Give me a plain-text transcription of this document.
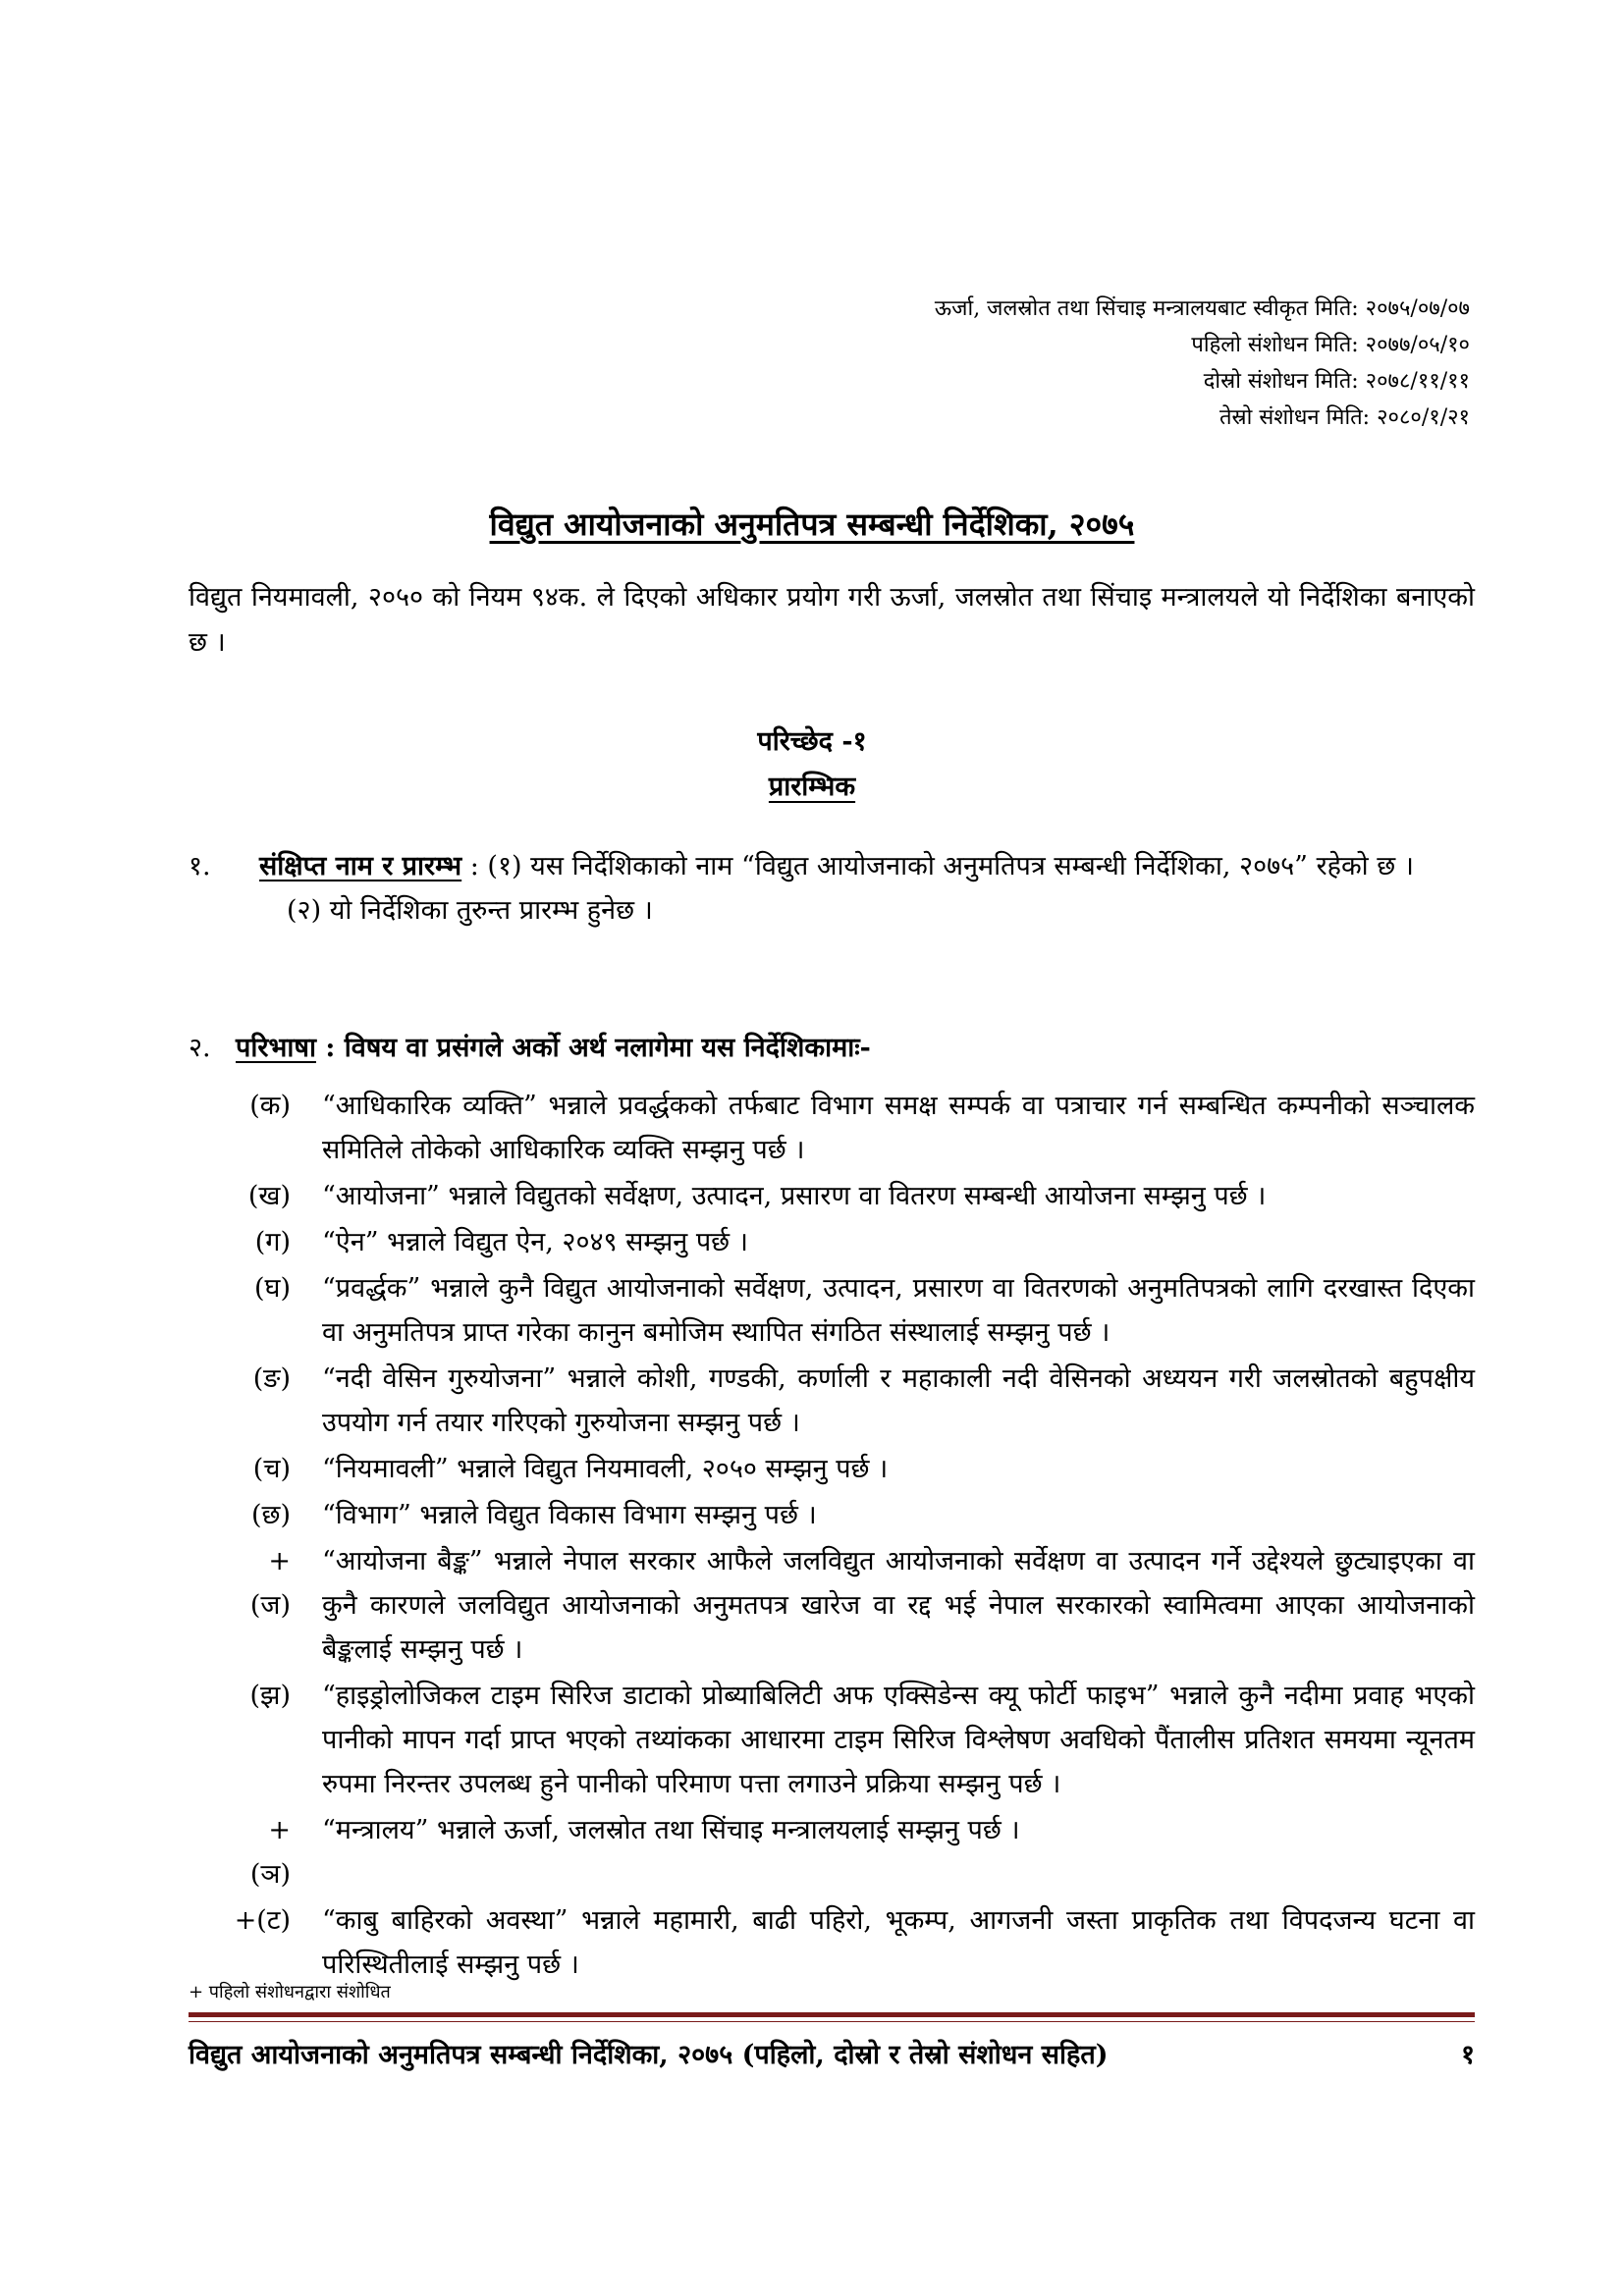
ऊर्जा, जलस्रोत तथा सिंचाइ मन्त्रालयबाट स्वीकृत मिति: २०७५/०७/०७
पहिलो संशोधन मिति: २०७७/०५/१०
दोस्रो संशोधन मिति: २०७८/११/११
तेस्रो संशोधन मिति: २०८०/१/२१
विद्युत आयोजनाको अनुमतिपत्र सम्बन्धी निर्देशिका, २०७५
विद्युत नियमावली, २०५० को नियम ९४क. ले दिएको अधिकार प्रयोग गरी ऊर्जा, जलस्रोत तथा सिंचाइ मन्त्रालयले यो निर्देशिका बनाएको छ ।
परिच्छेद -१
प्रारम्भिक
१.	संक्षिप्त नाम र प्रारम्भ : (१) यस निर्देशिकाको नाम “विद्युत आयोजनाको अनुमतिपत्र सम्बन्धी निर्देशिका, २०७५” रहेको छ ।
(२) यो निर्देशिका तुरुन्त प्रारम्भ हुनेछ ।
२. परिभाषा : विषय वा प्रसंगले अर्को अर्थ नलागेमा यस निर्देशिकामाः-
(क)	“आधिकारिक व्यक्ति” भन्नाले प्रवर्द्धकको तर्फबाट विभाग समक्ष सम्पर्क वा पत्राचार गर्न सम्बन्धित कम्पनीको सञ्चालक समितिले तोकेको आधिकारिक व्यक्ति सम्झनु पर्छ ।
(ख)	“आयोजना” भन्नाले विद्युतको सर्वेक्षण, उत्पादन, प्रसारण वा वितरण सम्बन्धी आयोजना सम्झनु पर्छ ।
(ग)	“ऐन” भन्नाले विद्युत ऐन, २०४९ सम्झनु पर्छ ।
(घ)	“प्रवर्द्धक” भन्नाले कुनै विद्युत आयोजनाको सर्वेक्षण, उत्पादन, प्रसारण वा वितरणको अनुमतिपत्रको लागि दरखास्त दिएका वा अनुमतिपत्र प्राप्त गरेका कानुन बमोजिम स्थापित संगठित संस्थालाई सम्झनु पर्छ ।
(ङ)	“नदी वेसिन गुरुयोजना” भन्नाले कोशी, गण्डकी, कर्णाली र महाकाली नदी वेसिनको अध्ययन गरी जलस्रोतको बहुपक्षीय उपयोग गर्न तयार गरिएको गुरुयोजना सम्झनु पर्छ ।
(च)	“नियमावली” भन्नाले विद्युत नियमावली, २०५० सम्झनु पर्छ ।
(छ)	“विभाग” भन्नाले विद्युत विकास विभाग सम्झनु पर्छ ।
+(ज)
“आयोजना बैङ्क” भन्नाले नेपाल सरकार आफैले जलविद्युत आयोजनाको सर्वेक्षण वा उत्पादन गर्ने उद्देश्यले छुट्याइएका वा कुनै कारणले जलविद्युत आयोजनाको अनुमतपत्र खारेज वा रद्द भई नेपाल सरकारको स्वामित्वमा आएका आयोजनाको बैङ्कलाई सम्झनु पर्छ ।
(झ)	“हाइड्रोलोजिकल टाइम सिरिज डाटाको प्रोब्याबिलिटी अफ एक्सिडेन्स क्यू फोर्टी फाइभ” भन्नाले कुनै नदीमा प्रवाह भएको पानीको मापन गर्दा प्राप्त भएको तथ्यांकका आधारमा टाइम सिरिज विश्लेषण अवधिको पैंतालीस प्रतिशत समयमा न्यूनतम रुपमा निरन्तर उपलब्ध हुने पानीको परिमाण पत्ता लगाउने प्रक्रिया सम्झनु पर्छ ।
+(ञ)
“मन्त्रालय” भन्नाले ऊर्जा, जलस्रोत तथा सिंचाइ मन्त्रालयलाई सम्झनु पर्छ ।
+(ट)	“काबु बाहिरको अवस्था” भन्नाले महामारी, बाढी पहिरो, भूकम्प, आगजनी जस्ता प्राकृतिक तथा विपदजन्य घटना वा परिस्थितीलाई सम्झनु पर्छ ।
+ पहिलो संशोधनद्वारा संशोधित
विद्युत आयोजनाको अनुमतिपत्र सम्बन्धी निर्देशिका, २०७५ (पहिलो, दोस्रो र तेस्रो संशोधन सहित)	१
